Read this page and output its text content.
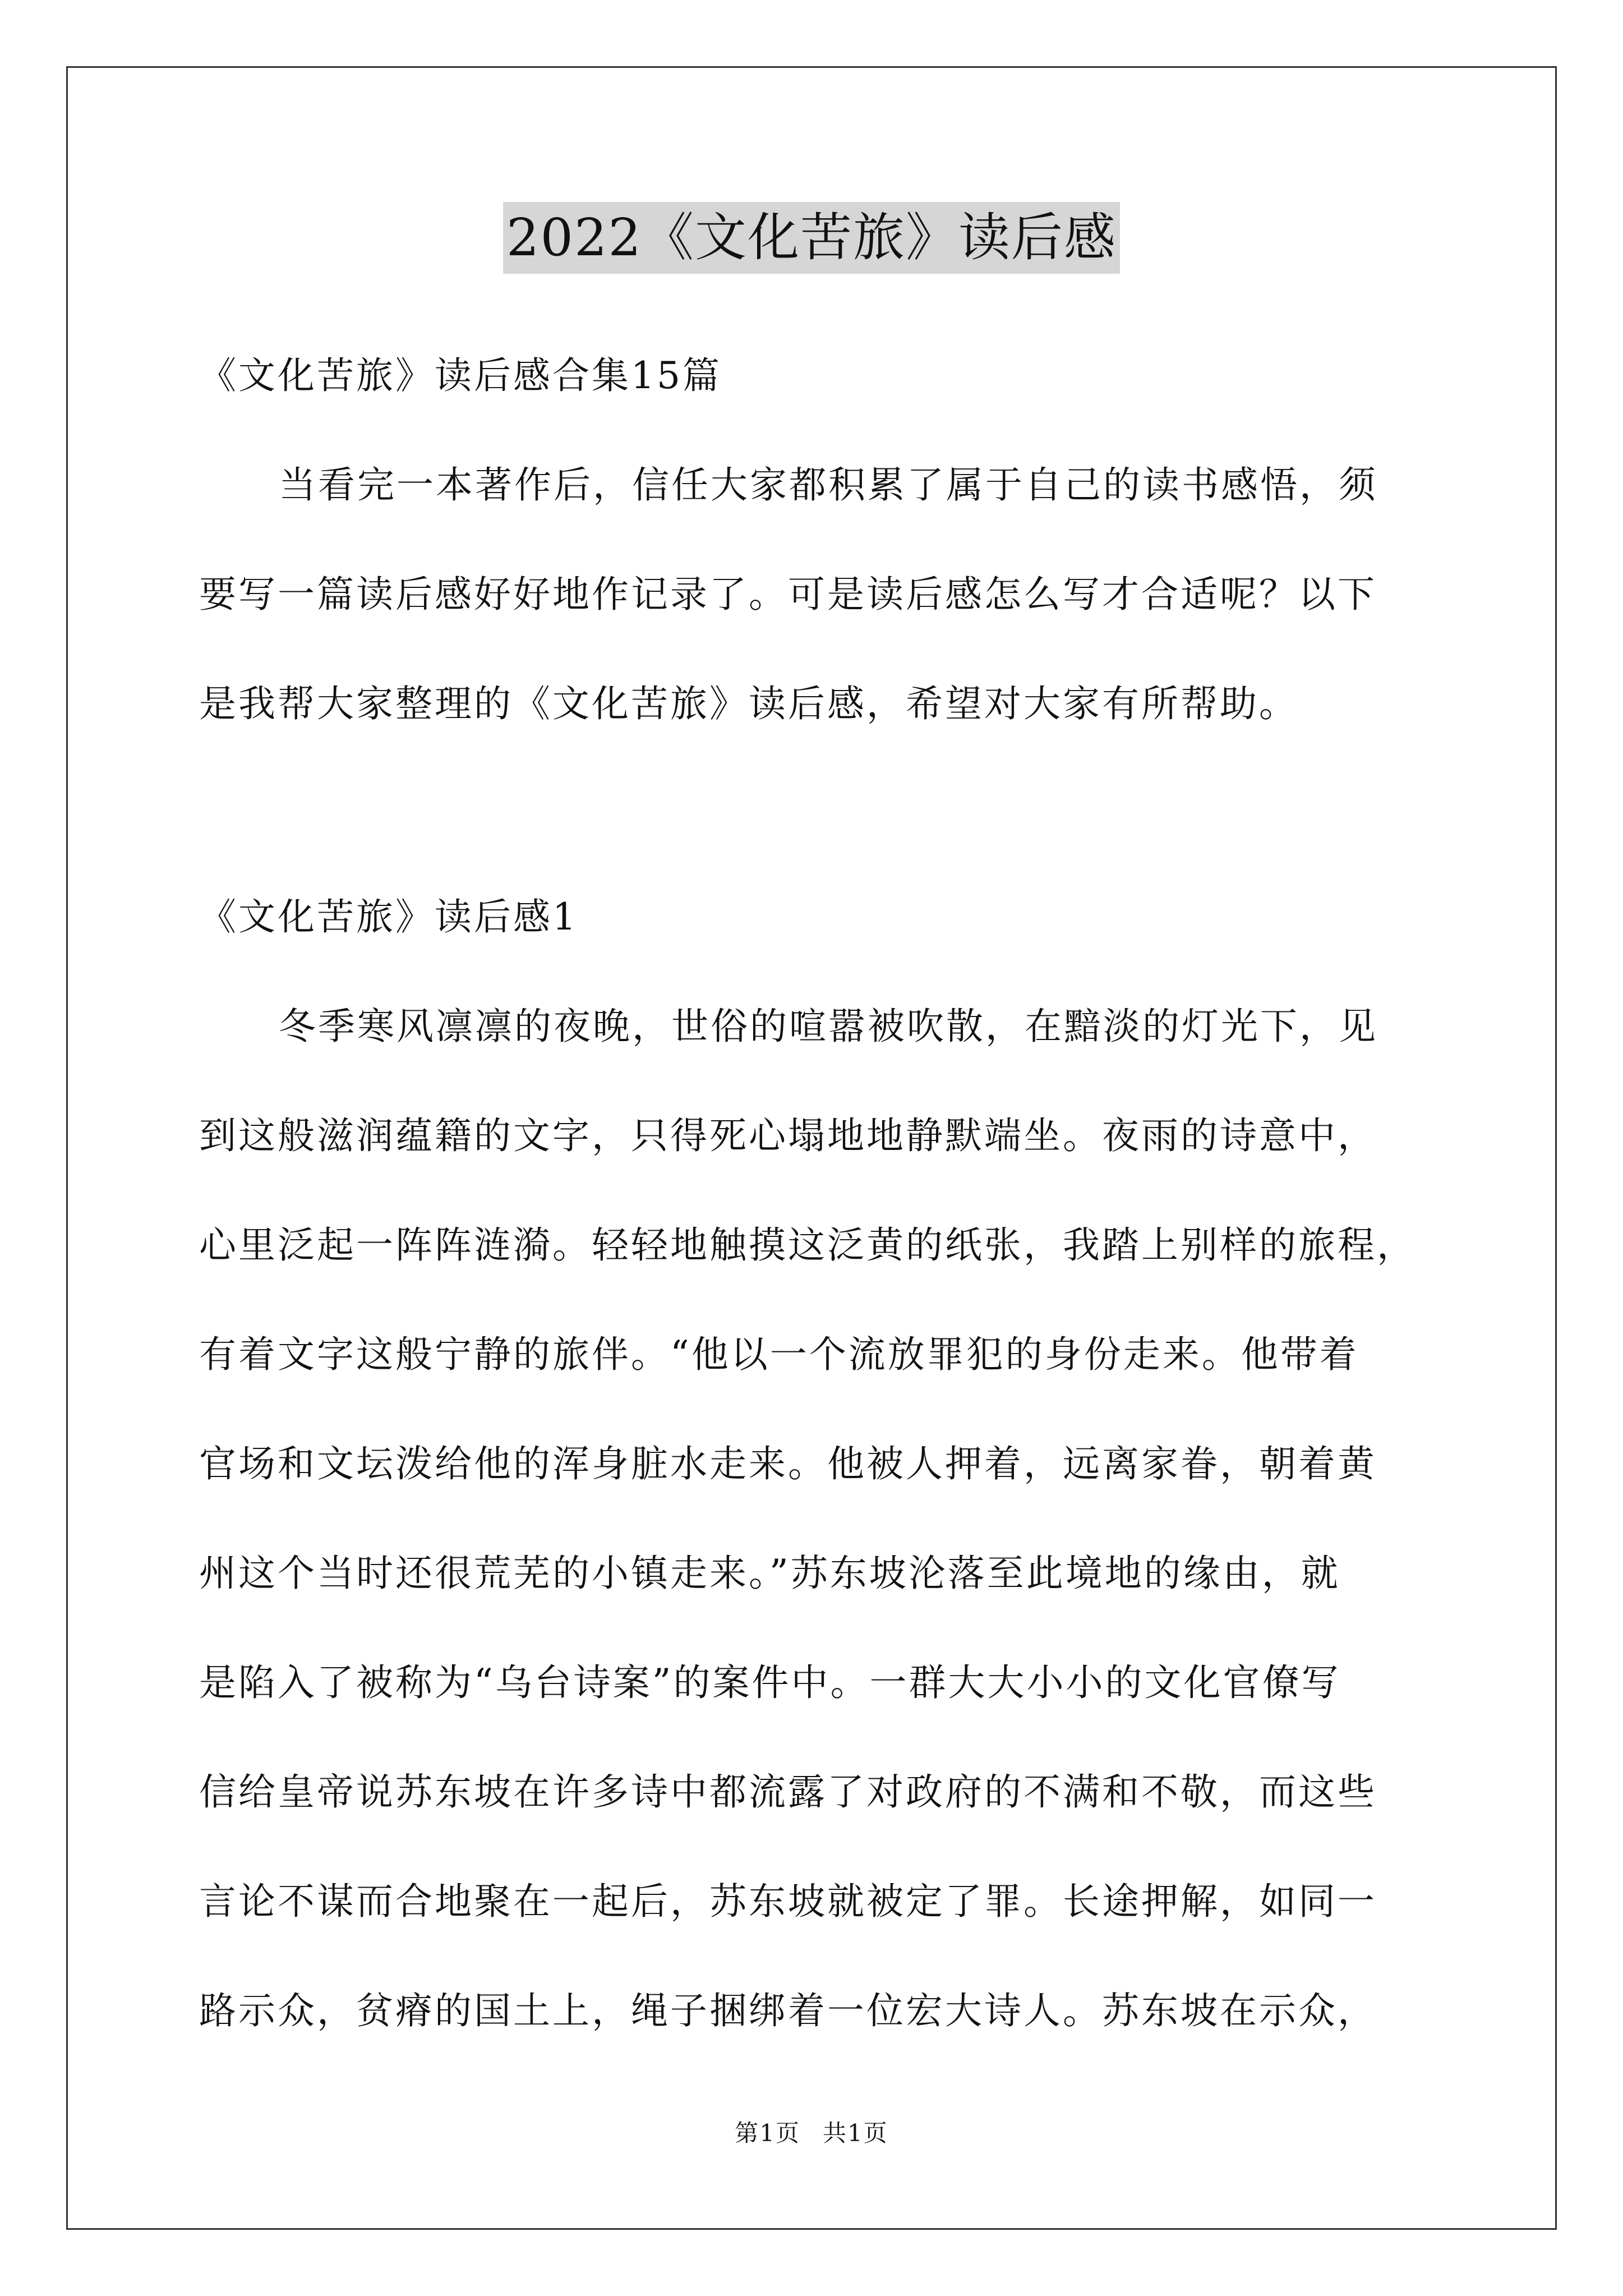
2022《文化苦旅》读后感
《文化苦旅》读后感合集15篇
当看完一本著作后，信任大家都积累了属于自己的读书感悟，须
要写一篇读后感好好地作记录了。可是读后感怎么写才合适呢？以下
是我帮大家整理的《文化苦旅》读后感，希望对大家有所帮助。
《文化苦旅》读后感1
冬季寒风凛凛的夜晚，世俗的喧嚣被吹散，在黯淡的灯光下，见
到这般滋润蕴籍的文字，只得死心塌地地静默端坐。夜雨的诗意中，
心里泛起一阵阵涟漪。轻轻地触摸这泛黄的纸张，我踏上别样的旅程，
有着文字这般宁静的旅伴。“他以一个流放罪犯的身份走来。他带着
官场和文坛泼给他的浑身脏水走来。他被人押着，远离家眷，朝着黄
州这个当时还很荒芜的小镇走来。”苏东坡沦落至此境地的缘由，就
是陷入了被称为“乌台诗案”的案件中。一群大大小小的文化官僚写
信给皇帝说苏东坡在许多诗中都流露了对政府的不满和不敬，而这些
言论不谋而合地聚在一起后，苏东坡就被定了罪。长途押解，如同一
路示众，贫瘠的国土上，绳子捆绑着一位宏大诗人。苏东坡在示众，
第1页 共1页
